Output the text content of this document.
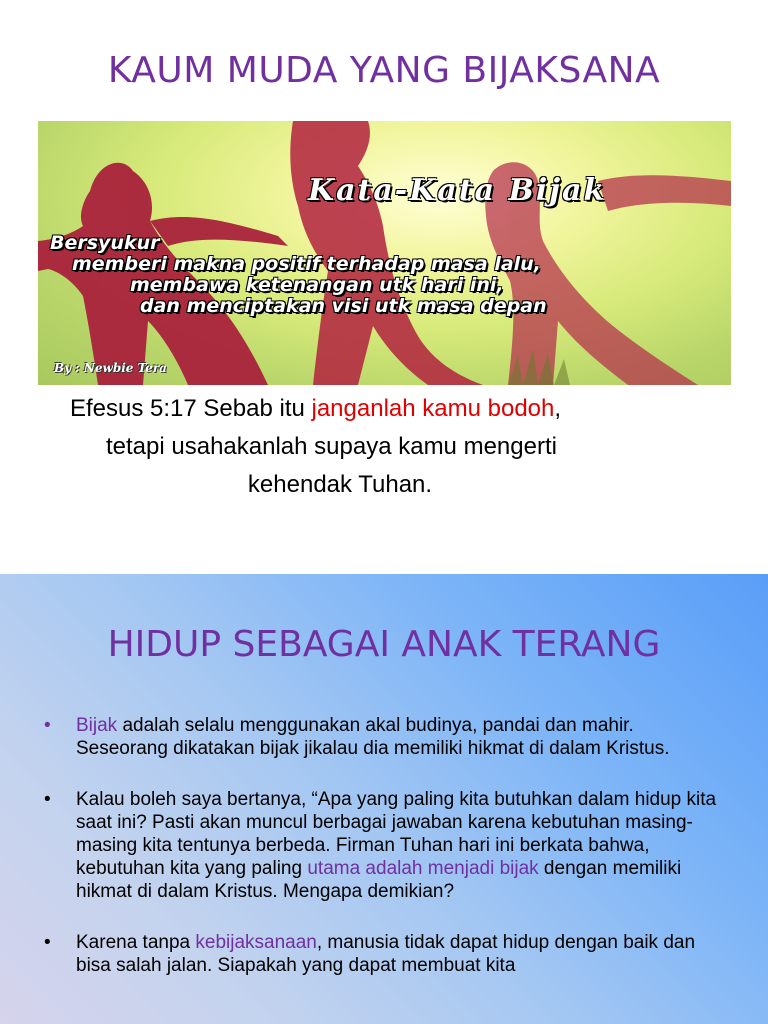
KAUM MUDA YANG BIJAKSANA
Kata-Kata Bijak
Bersyukur
memberi makna positif terhadap masa lalu,
membawa ketenangan utk hari ini,
dan menciptakan visi utk masa depan
By : Newbie Tera
Efesus 5:17 Sebab itu janganlah kamu bodoh,
tetapi usahakanlah supaya kamu mengerti
kehendak Tuhan.
HIDUP SEBAGAI ANAK TERANG
• Bijak adalah selalu menggunakan akal budinya, pandai dan mahir. Seseorang dikatakan bijak jikalau dia memiliki hikmat di dalam Kristus.
• Kalau boleh saya bertanya, “Apa yang paling kita butuhkan dalam hidup kita saat ini? Pasti akan muncul berbagai jawaban karena kebutuhan masing-masing kita tentunya berbeda. Firman Tuhan hari ini berkata bahwa, kebutuhan kita yang paling utama adalah menjadi bijak dengan memiliki hikmat di dalam Kristus. Mengapa demikian?
• Karena tanpa kebijaksanaan, manusia tidak dapat hidup dengan baik dan bisa salah jalan. Siapakah yang dapat membuat kita
